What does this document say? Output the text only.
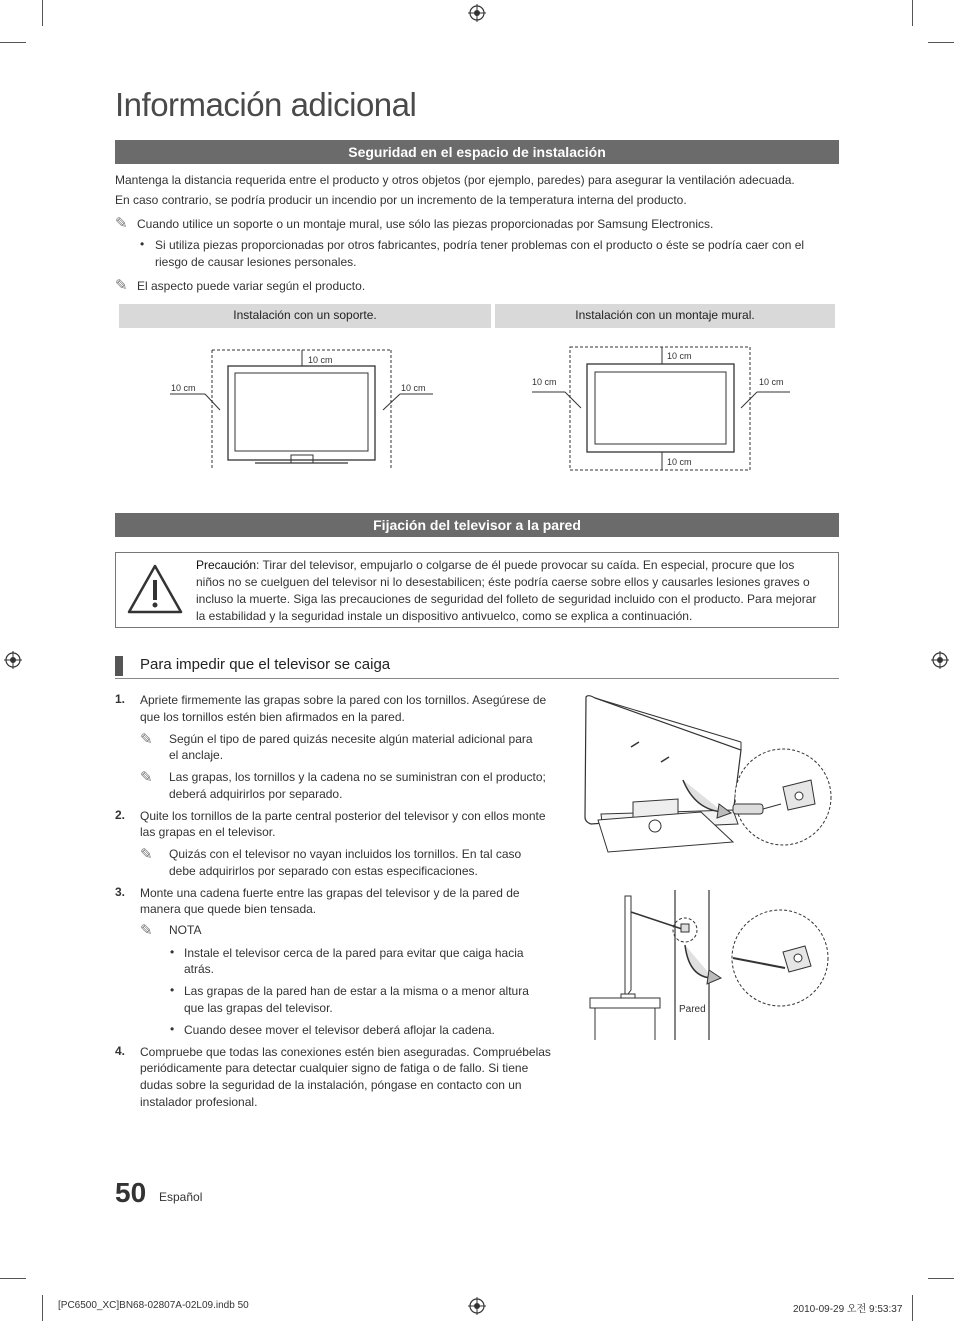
Información adicional
Seguridad en el espacio de instalación
Mantenga la distancia requerida entre el producto y otros objetos (por ejemplo, paredes) para asegurar la ventilación adecuada.
En caso contrario, se podría producir un incendio por un incremento de la temperatura interna del producto.
✎ Cuando utilice un soporte o un montaje mural, use sólo las piezas proporcionadas por Samsung Electronics.
• Si utiliza piezas proporcionadas por otros fabricantes, podría tener problemas con el producto o éste se podría caer con el
riesgo de causar lesiones personales.
✎ El aspecto puede variar según el producto.
Instalación con un soporte.	Instalación con un montaje mural.
10 cm
10 cm	10 cm
10 cm
10 cm	10 cm
10 cm
Fijación del televisor a la pared
Precaución: Tirar del televisor, empujarlo o colgarse de él puede provocar su caída. En especial, procure que los
niños no se cuelguen del televisor ni lo desestabilicen; éste podría caerse sobre ellos y causarles lesiones graves o
incluso la muerte. Siga las precauciones de seguridad del folleto de seguridad incluido con el producto. Para mejorar
la estabilidad y la seguridad instale un dispositivo antivuelco, como se explica a continuación.
Para impedir que el televisor se caiga
1. Apriete firmemente las grapas sobre la pared con los tornillos. Asegúrese de
que los tornillos estén bien afirmados en la pared.
✎ Según el tipo de pared quizás necesite algún material adicional para
el anclaje.
✎ Las grapas, los tornillos y la cadena no se suministran con el producto;
deberá adquirirlos por separado.
2. Quite los tornillos de la parte central posterior del televisor y con ellos monte
las grapas en el televisor.
✎ Quizás con el televisor no vayan incluidos los tornillos. En tal caso
debe adquirirlos por separado con estas especificaciones.
3. Monte una cadena fuerte entre las grapas del televisor y de la pared de
manera que quede bien tensada.
✎ NOTA
• Instale el televisor cerca de la pared para evitar que caiga hacia
atrás.
• Las grapas de la pared han de estar a la misma o a menor altura
que las grapas del televisor.
• Cuando desee mover el televisor deberá aflojar la cadena.
4. Compruebe que todas las conexiones estén bien aseguradas. Compruébelas
periódicamente para detectar cualquier signo de fatiga o de fallo. Si tiene
dudas sobre la seguridad de la instalación, póngase en contacto con un
instalador profesional.
Pared
50 Español
[PC6500_XC]BN68-02807A-02L09.indb 50	2010-09-29 오전 9:53:37
